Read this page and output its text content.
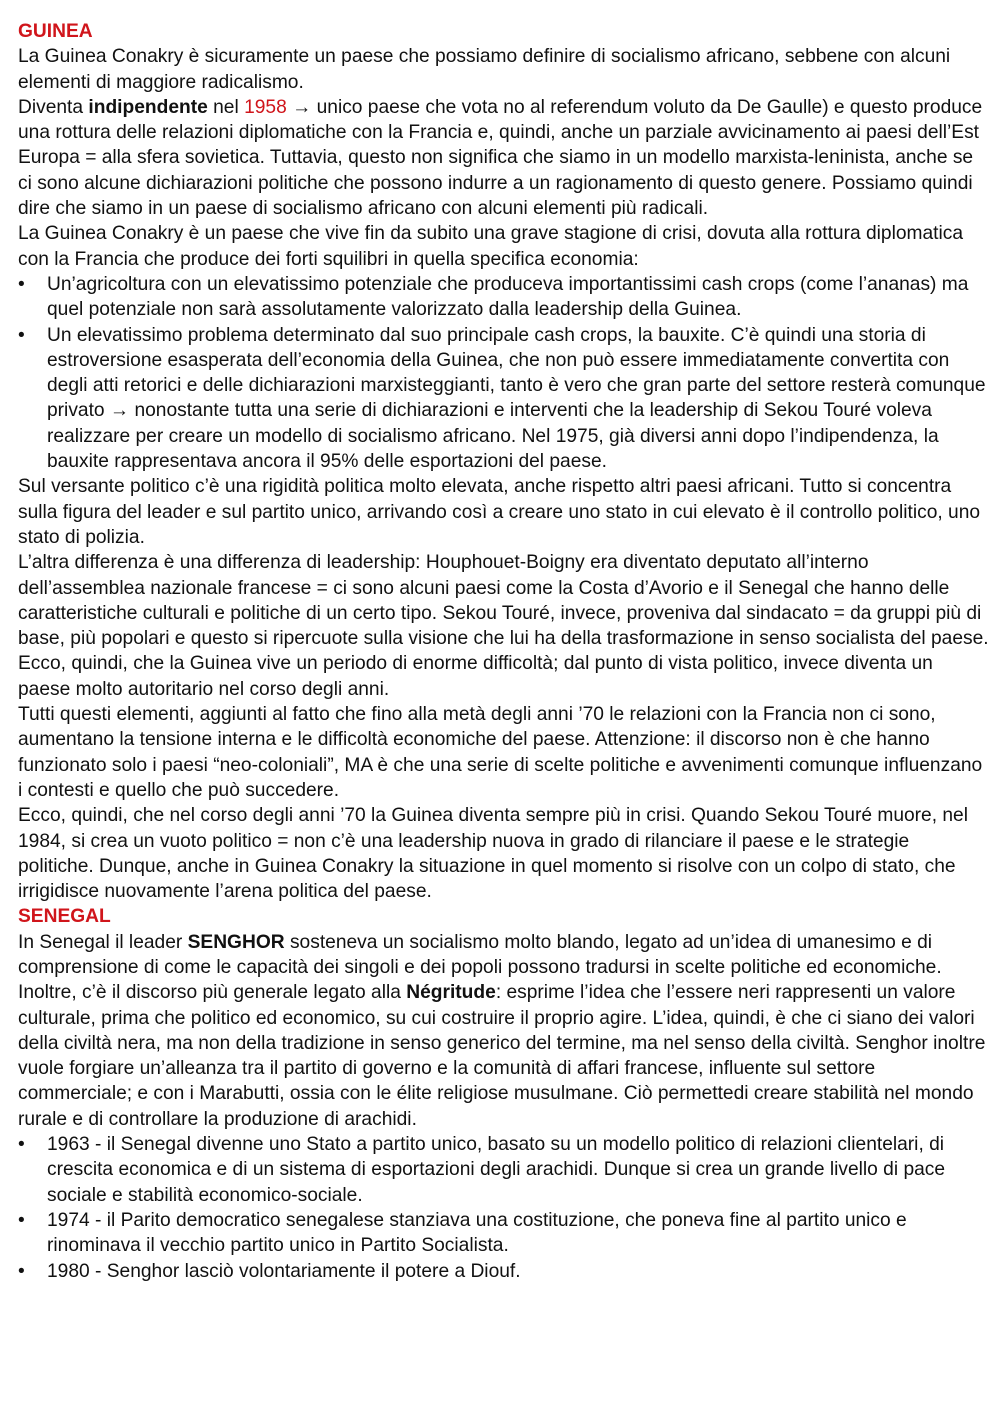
GUINEA

La Guinea Conakry è sicuramente un paese che possiamo definire di socialismo africano, sebbene con alcuni elementi di maggiore radicalismo.

Diventa indipendente nel 1958 → unico paese che vota no al referendum voluto da De Gaulle) e questo produce una rottura delle relazioni diplomatiche con la Francia e, quindi, anche un parziale avvicinamento ai paesi dell’Est Europa = alla sfera sovietica. Tuttavia, questo non significa che siamo in un modello marxista-leninista, anche se ci sono alcune dichiarazioni politiche che possono indurre a un ragionamento di questo genere. Possiamo quindi dire che siamo in un paese di socialismo africano con alcuni elementi più radicali.

La Guinea Conakry è un paese che vive fin da subito una grave stagione di crisi, dovuta alla rottura diplomatica con la Francia che produce dei forti squilibri in quella specifica economia:

• Un’agricoltura con un elevatissimo potenziale che produceva importantissimi cash crops (come l’ananas) ma quel potenziale non sarà assolutamente valorizzato dalla leadership della Guinea.
• Un elevatissimo problema determinato dal suo principale cash crops, la bauxite. C’è quindi una storia di estroversione esasperata dell’economia della Guinea, che non può essere immediatamente convertita con degli atti retorici e delle dichiarazioni marxisteggianti, tanto è vero che gran parte del settore resterà comunque privato → nonostante tutta una serie di dichiarazioni e interventi che la leadership di Sekou Touré voleva realizzare per creare un modello di socialismo africano. Nel 1975, già diversi anni dopo l’indipendenza, la bauxite rappresentava ancora il 95% delle esportazioni del paese.

Sul versante politico c’è una rigidità politica molto elevata, anche rispetto altri paesi africani. Tutto si concentra sulla figura del leader e sul partito unico, arrivando così a creare uno stato in cui elevato è il controllo politico, uno stato di polizia.

L’altra differenza è una differenza di leadership: Houphouet-Boigny era diventato deputato all’interno dell’assemblea nazionale francese = ci sono alcuni paesi come la Costa d’Avorio e il Senegal che hanno delle caratteristiche culturali e politiche di un certo tipo. Sekou Touré, invece, proveniva dal sindacato = da gruppi più di base, più popolari e questo si ripercuote sulla visione che lui ha della trasformazione in senso socialista del paese. Ecco, quindi, che la Guinea vive un periodo di enorme difficoltà; dal punto di vista politico, invece diventa un paese molto autoritario nel corso degli anni.

Tutti questi elementi, aggiunti al fatto che fino alla metà degli anni ’70 le relazioni con la Francia non ci sono, aumentano la tensione interna e le difficoltà economiche del paese. Attenzione: il discorso non è che hanno funzionato solo i paesi “neo-coloniali”, MA è che una serie di scelte politiche e avvenimenti comunque influenzano i contesti e quello che può succedere.

Ecco, quindi, che nel corso degli anni ’70 la Guinea diventa sempre più in crisi. Quando Sekou Touré muore, nel 1984, si crea un vuoto politico = non c’è una leadership nuova in grado di rilanciare il paese e le strategie politiche. Dunque, anche in Guinea Conakry la situazione in quel momento si risolve con un colpo di stato, che irrigidisce nuovamente l’arena politica del paese.

SENEGAL

In Senegal il leader SENGHOR sosteneva un socialismo molto blando, legato ad un’idea di umanesimo e di comprensione di come le capacità dei singoli e dei popoli possono tradursi in scelte politiche ed economiche. Inoltre, c’è il discorso più generale legato alla Négritude: esprime l’idea che l’essere neri rappresenti un valore culturale, prima che politico ed economico, su cui costruire il proprio agire. L’idea, quindi, è che ci siano dei valori della civiltà nera, ma non della tradizione in senso generico del termine, ma nel senso della civiltà. Senghor inoltre vuole forgiare un’alleanza tra il partito di governo e la comunità di affari francese, influente sul settore commerciale; e con i Marabutti, ossia con le élite religiose musulmane. Ciò permettedi creare stabilità nel mondo rurale e di controllare la produzione di arachidi.

• 1963 - il Senegal divenne uno Stato a partito unico, basato su un modello politico di relazioni clientelari, di crescita economica e di un sistema di esportazioni degli arachidi. Dunque si crea un grande livello di pace sociale e stabilità economico-sociale.
• 1974 - il Parito democratico senegalese stanziava una costituzione, che poneva fine al partito unico e rinominava il vecchio partito unico in Partito Socialista.
• 1980 - Senghor lasciò volontariamente il potere a Diouf.
